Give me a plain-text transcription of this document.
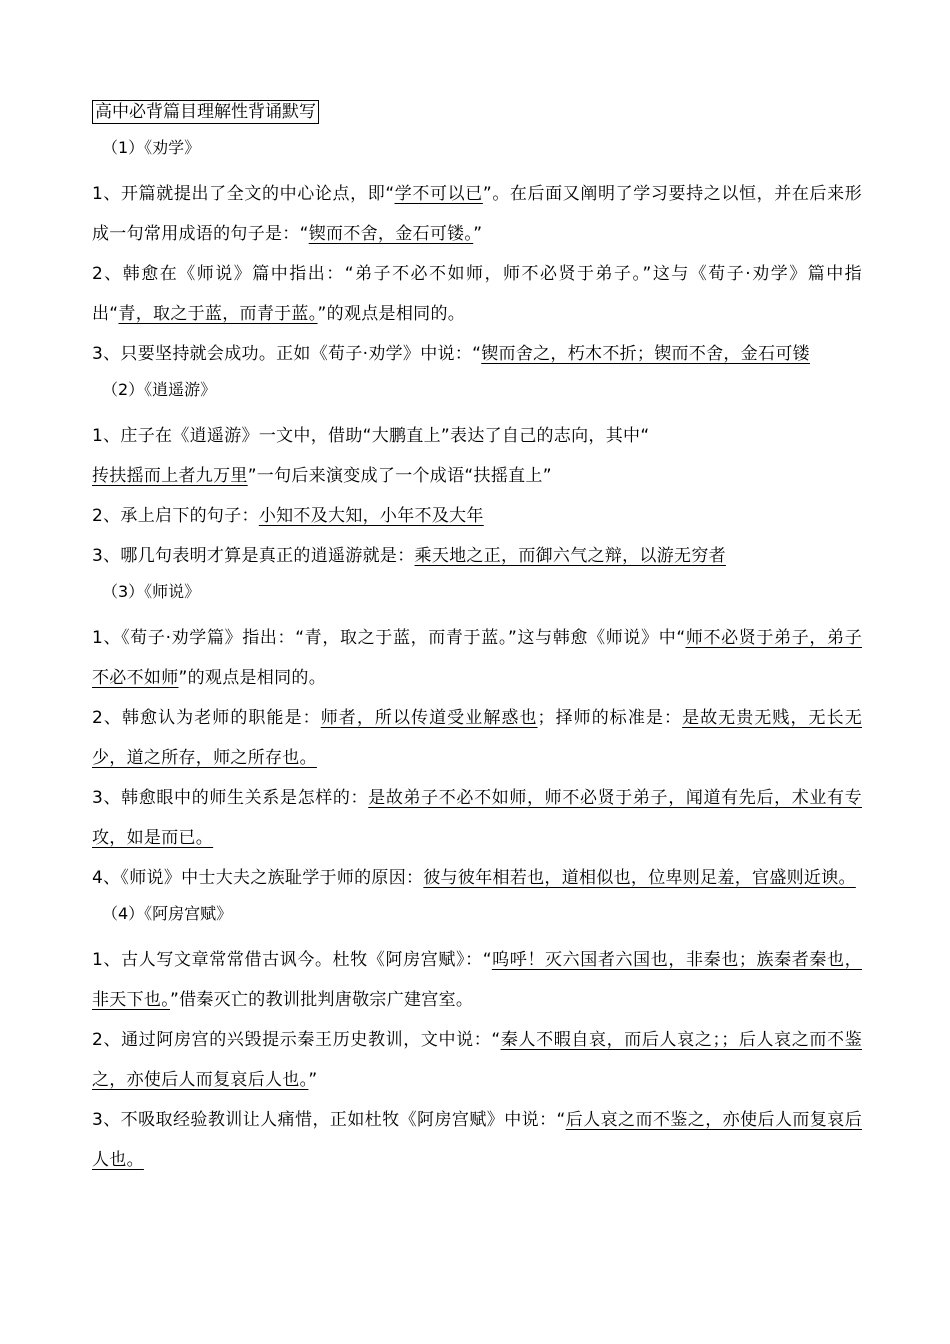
高中必背篇目理解性背诵默写
（1）《劝学》
1、开篇就提出了全文的中心论点，即“学不可以已”。在后面又阐明了学习要持之以恒，并在后来形成一句常用成语的句子是：“锲而不舍，金石可镂。”
2、韩愈在《师说》篇中指出：“弟子不必不如师，师不必贤于弟子。”这与《荀子·劝学》篇中指出“青，取之于蓝，而青于蓝。”的观点是相同的。
3、只要坚持就会成功。正如《荀子·劝学》中说：“锲而舍之，朽木不折；锲而不舍，金石可镂
（2）《逍遥游》
1、庄子在《逍遥游》一文中，借助“大鹏直上”表达了自己的志向，其中“
抟扶摇而上者九万里”一句后来演变成了一个成语“扶摇直上”
2、承上启下的句子：小知不及大知，小年不及大年
3、哪几句表明才算是真正的逍遥游就是：乘天地之正，而御六气之辩，以游无穷者
（3）《师说》
1、《荀子·劝学篇》指出：“青，取之于蓝，而青于蓝。”这与韩愈《师说》中“师不必贤于弟子，弟子不必不如师”的观点是相同的。
2、韩愈认为老师的职能是：师者，所以传道受业解惑也；择师的标准是：是故无贵无贱，无长无少，道之所存，师之所存也。
3、韩愈眼中的师生关系是怎样的：是故弟子不必不如师，师不必贤于弟子，闻道有先后，术业有专攻，如是而已。
4、《师说》中士大夫之族耻学于师的原因：彼与彼年相若也，道相似也，位卑则足羞，官盛则近谀。
（4）《阿房宫赋》
1、古人写文章常常借古讽今。杜牧《阿房宫赋》：“呜呼！灭六国者六国也，非秦也；族秦者秦也，非天下也。”借秦灭亡的教训批判唐敬宗广建宫室。
2、通过阿房宫的兴毁提示秦王历史教训，文中说：“秦人不暇自哀，而后人哀之；；后人哀之而不鉴之，亦使后人而复哀后人也。”
3、不吸取经验教训让人痛惜，正如杜牧《阿房宫赋》中说：“后人哀之而不鉴之，亦使后人而复哀后人也。
